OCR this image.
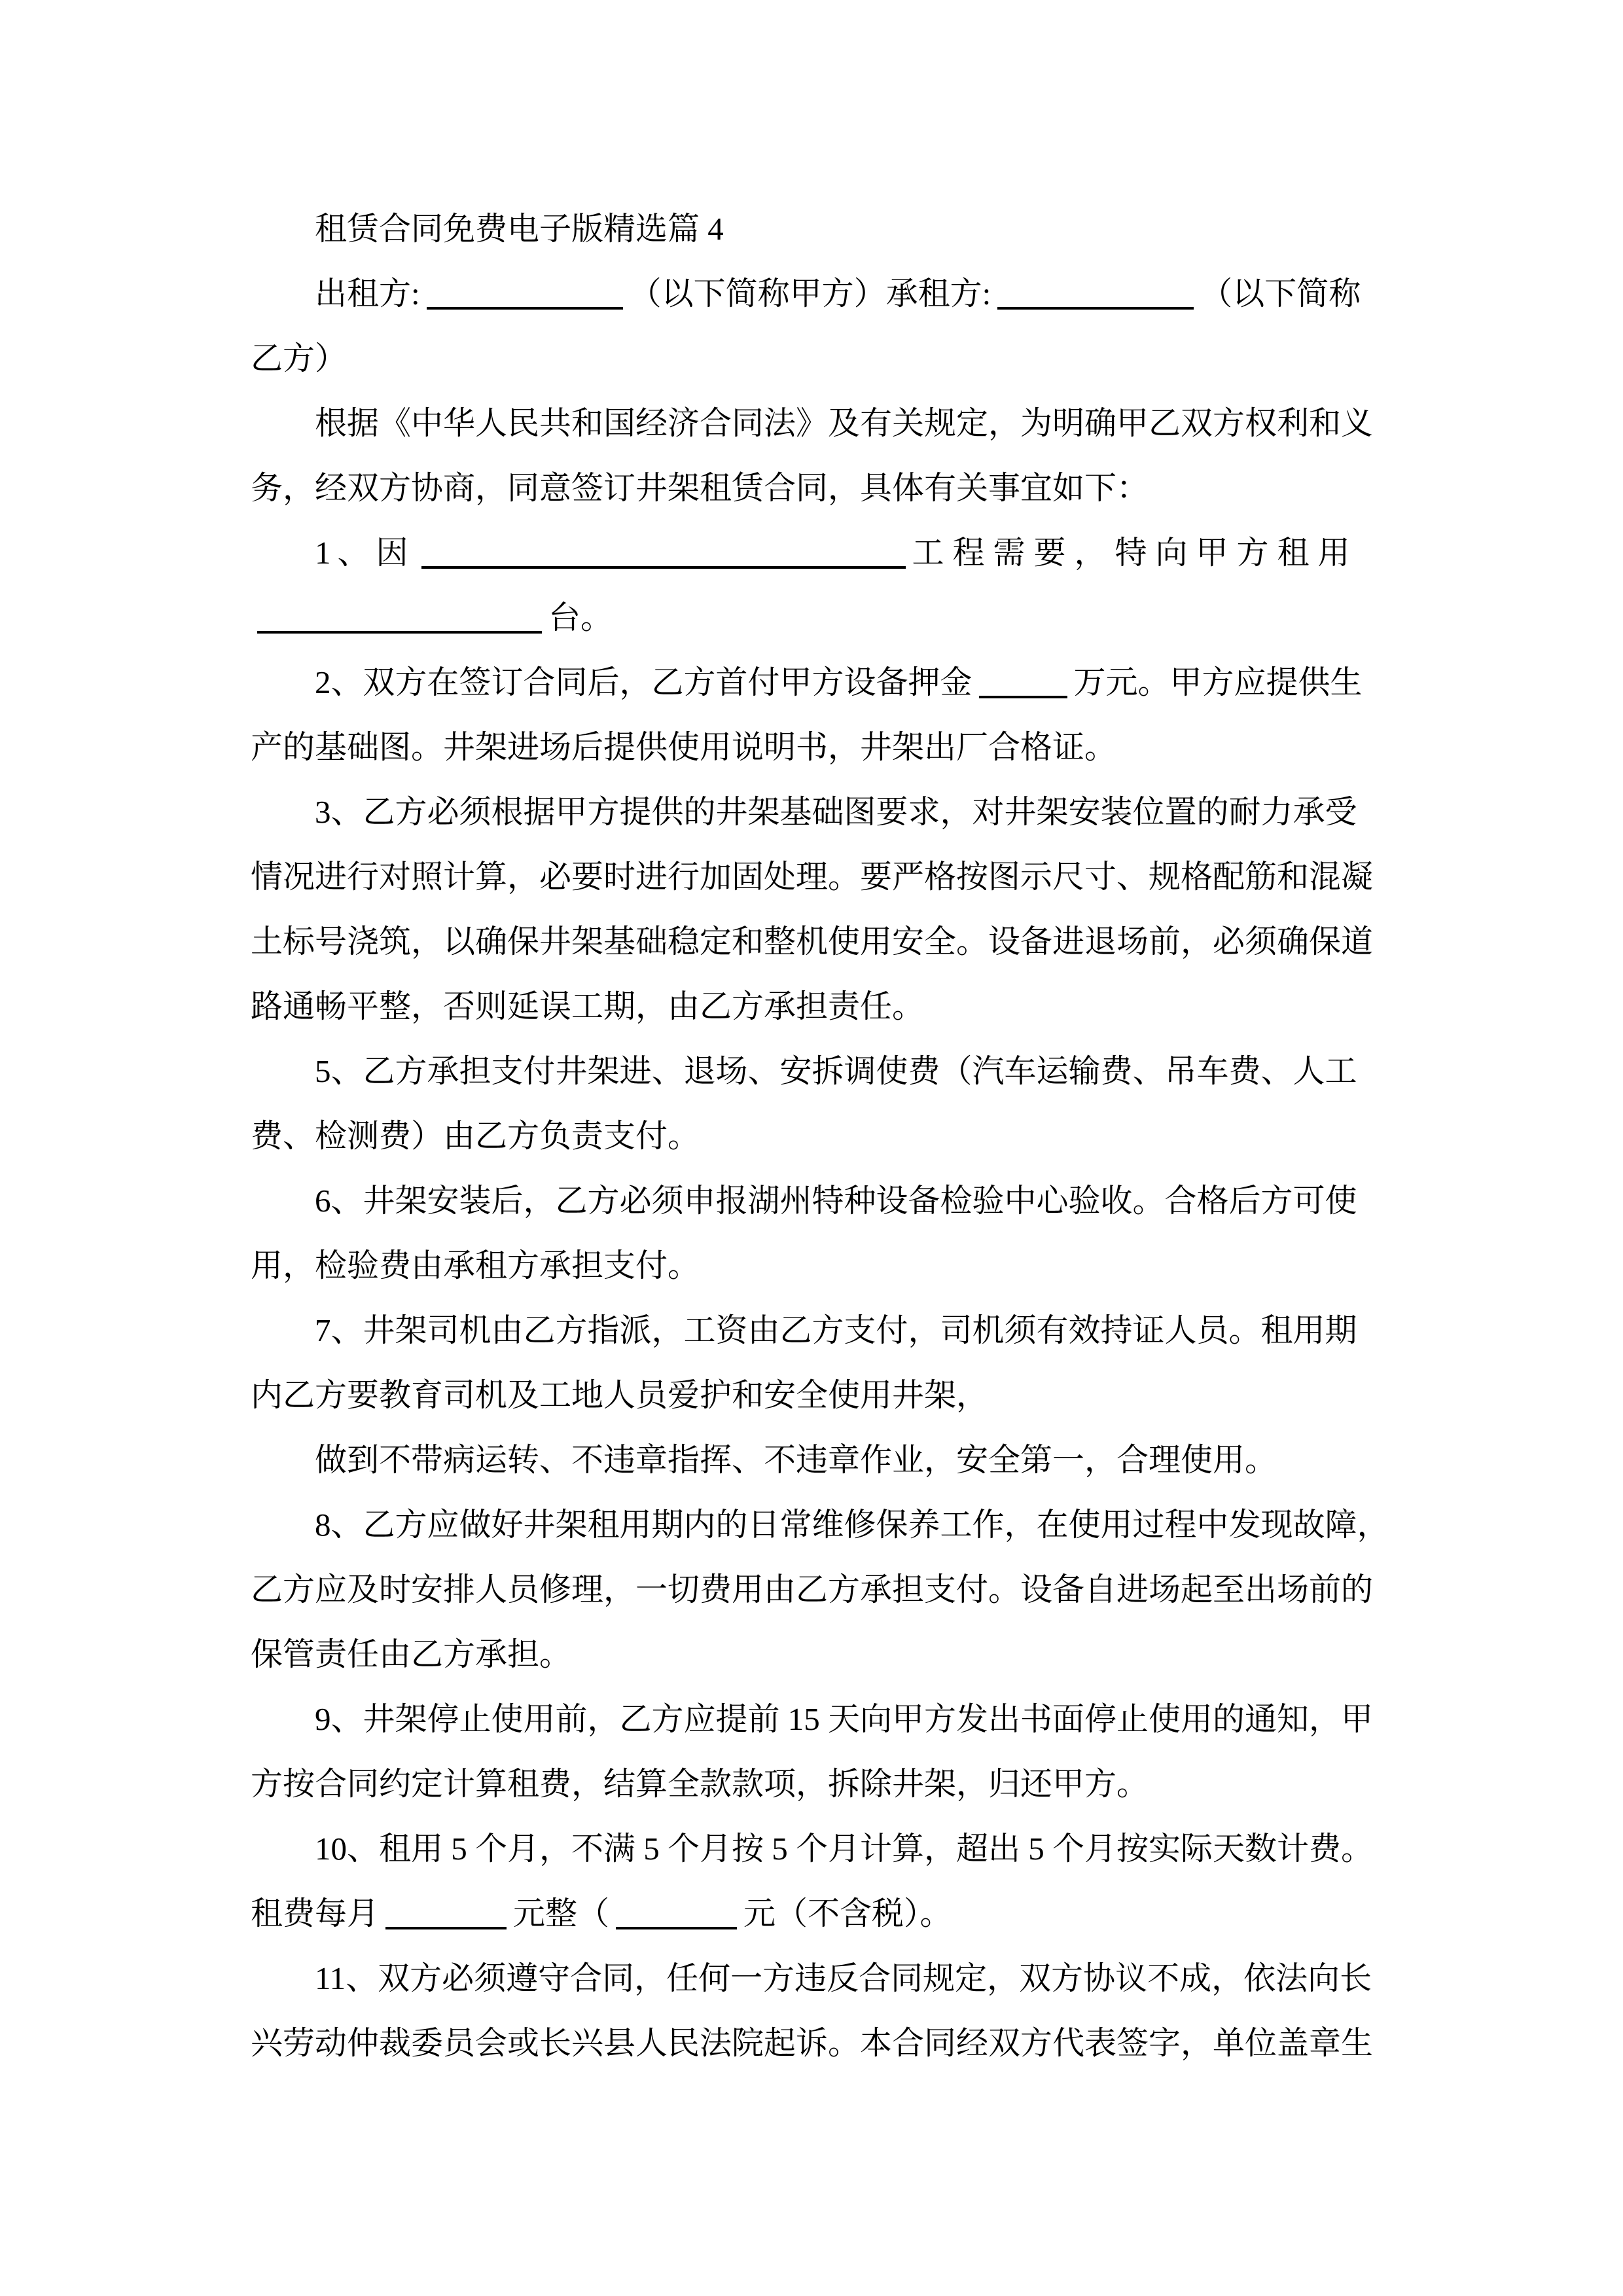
租赁合同免费电子版精选篇 4
出租方:	（以下简称甲方）承租方:	（以下简称
乙方）
根据《中华人民共和国经济合同法》及有关规定，为明确甲乙双方权利和义
务，经双方协商，同意签订井架租赁合同，具体有关事宜如下：
1、因	工程需要，特向甲方租用
台。
2、双方在签订合同后，乙方首付甲方设备押金	万元。甲方应提供生
产的基础图。井架进场后提供使用说明书，井架出厂合格证。
3、乙方必须根据甲方提供的井架基础图要求，对井架安装位置的耐力承受
情况进行对照计算，必要时进行加固处理。要严格按图示尺寸、规格配筋和混凝
土标号浇筑，以确保井架基础稳定和整机使用安全。设备进退场前，必须确保道
路通畅平整，否则延误工期，由乙方承担责任。
5、乙方承担支付井架进、退场、安拆调使费（汽车运输费、吊车费、人工
费、检测费）由乙方负责支付。
6、井架安装后，乙方必须申报湖州特种设备检验中心验收。合格后方可使
用，检验费由承租方承担支付。
7、井架司机由乙方指派，工资由乙方支付，司机须有效持证人员。租用期
内乙方要教育司机及工地人员爱护和安全使用井架，
做到不带病运转、不违章指挥、不违章作业，安全第一，合理使用。
8、乙方应做好井架租用期内的日常维修保养工作，在使用过程中发现故障，
乙方应及时安排人员修理，一切费用由乙方承担支付。设备自进场起至出场前的
保管责任由乙方承担。
9、井架停止使用前，乙方应提前 15 天向甲方发出书面停止使用的通知，甲
方按合同约定计算租费，结算全款款项，拆除井架，归还甲方。
10、租用 5 个月，不满 5 个月按 5 个月计算，超出 5 个月按实际天数计费。
租费每月	元整（	元（不含税）。
11、双方必须遵守合同，任何一方违反合同规定，双方协议不成，依法向长
兴劳动仲裁委员会或长兴县人民法院起诉。本合同经双方代表签字，单位盖章生
